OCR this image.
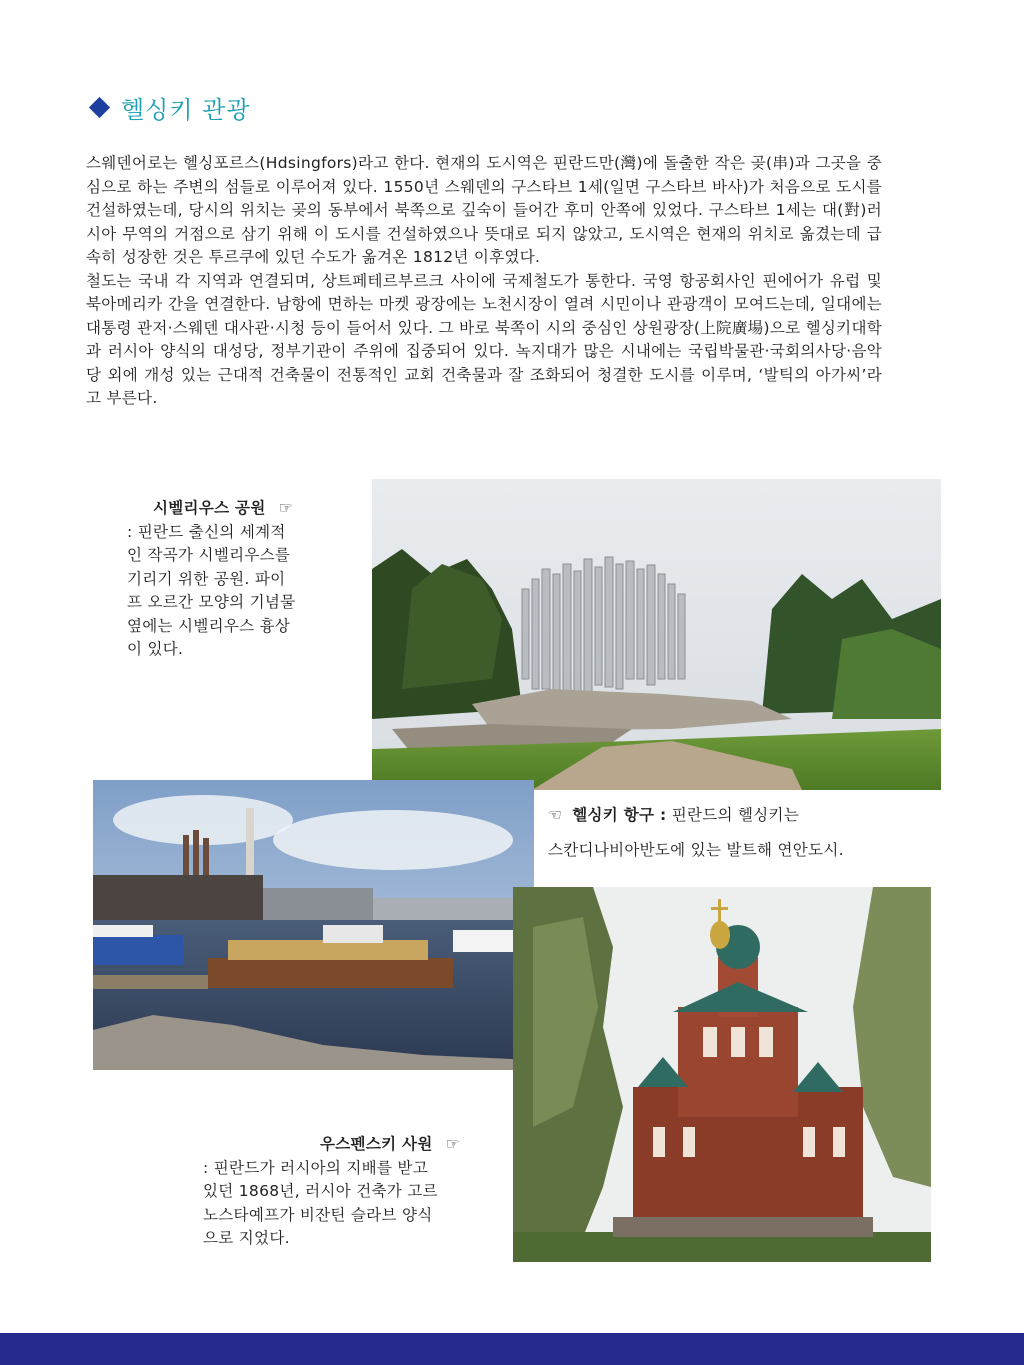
헬싱키 관광

스웨덴어로는 헬싱포르스(Hdsingfors)라고 한다. 현재의 도시역은 핀란드만(灣)에 돌출한 작은 곶(串)과 그곳을 중심으로 하는 주변의 섬들로 이루어져 있다. 1550년 스웨덴의 구스타브 1세(일면 구스타브 바사)가 처음으로 도시를 건설하였는데, 당시의 위치는 곶의 동부에서 북쪽으로 깊숙이 들어간 후미 안쪽에 있었다. 구스타브 1세는 대(對)러시아 무역의 거점으로 삼기 위해 이 도시를 건설하였으나 뜻대로 되지 않았고, 도시역은 현재의 위치로 옮겼는데 급속히 성장한 것은 투르쿠에 있던 수도가 옮겨온 1812년 이후였다.

철도는 국내 각 지역과 연결되며, 상트페테르부르크 사이에 국제철도가 통한다. 국영 항공회사인 핀에어가 유럽 및 북아메리카 간을 연결한다. 남항에 면하는 마켓 광장에는 노천시장이 열려 시민이나 관광객이 모여드는데, 일대에는 대통령 관저·스웨덴 대사관·시청 등이 들어서 있다. 그 바로 북쪽이 시의 중심인 상원광장(上院廣場)으로 헬싱키대학과 러시아 양식의 대성당, 정부기관이 주위에 집중되어 있다. 녹지대가 많은 시내에는 국립박물관·국회의사당·음악당 외에 개성 있는 근대적 건축물이 전통적인 교회 건축물과 잘 조화되어 청결한 도시를 이루며, ‘발틱의 아가씨’라고 부른다.

시벨리우스 공원 ☞
: 핀란드 출신의 세계적
인 작곡가 시벨리우스를
기리기 위한 공원. 파이
프 오르간 모양의 기념물
옆에는 시벨리우스 흉상
이 있다.
☜ 헬싱키 항구 : 핀란드의 헬싱키는
스칸디나비아반도에 있는 발트해 연안도시.
우스펜스키 사원 ☞
: 핀란드가 러시아의 지배를 받고
있던 1868년, 러시아 건축가 고르
노스타예프가 비잔틴 슬라브 양식
으로 지었다.
